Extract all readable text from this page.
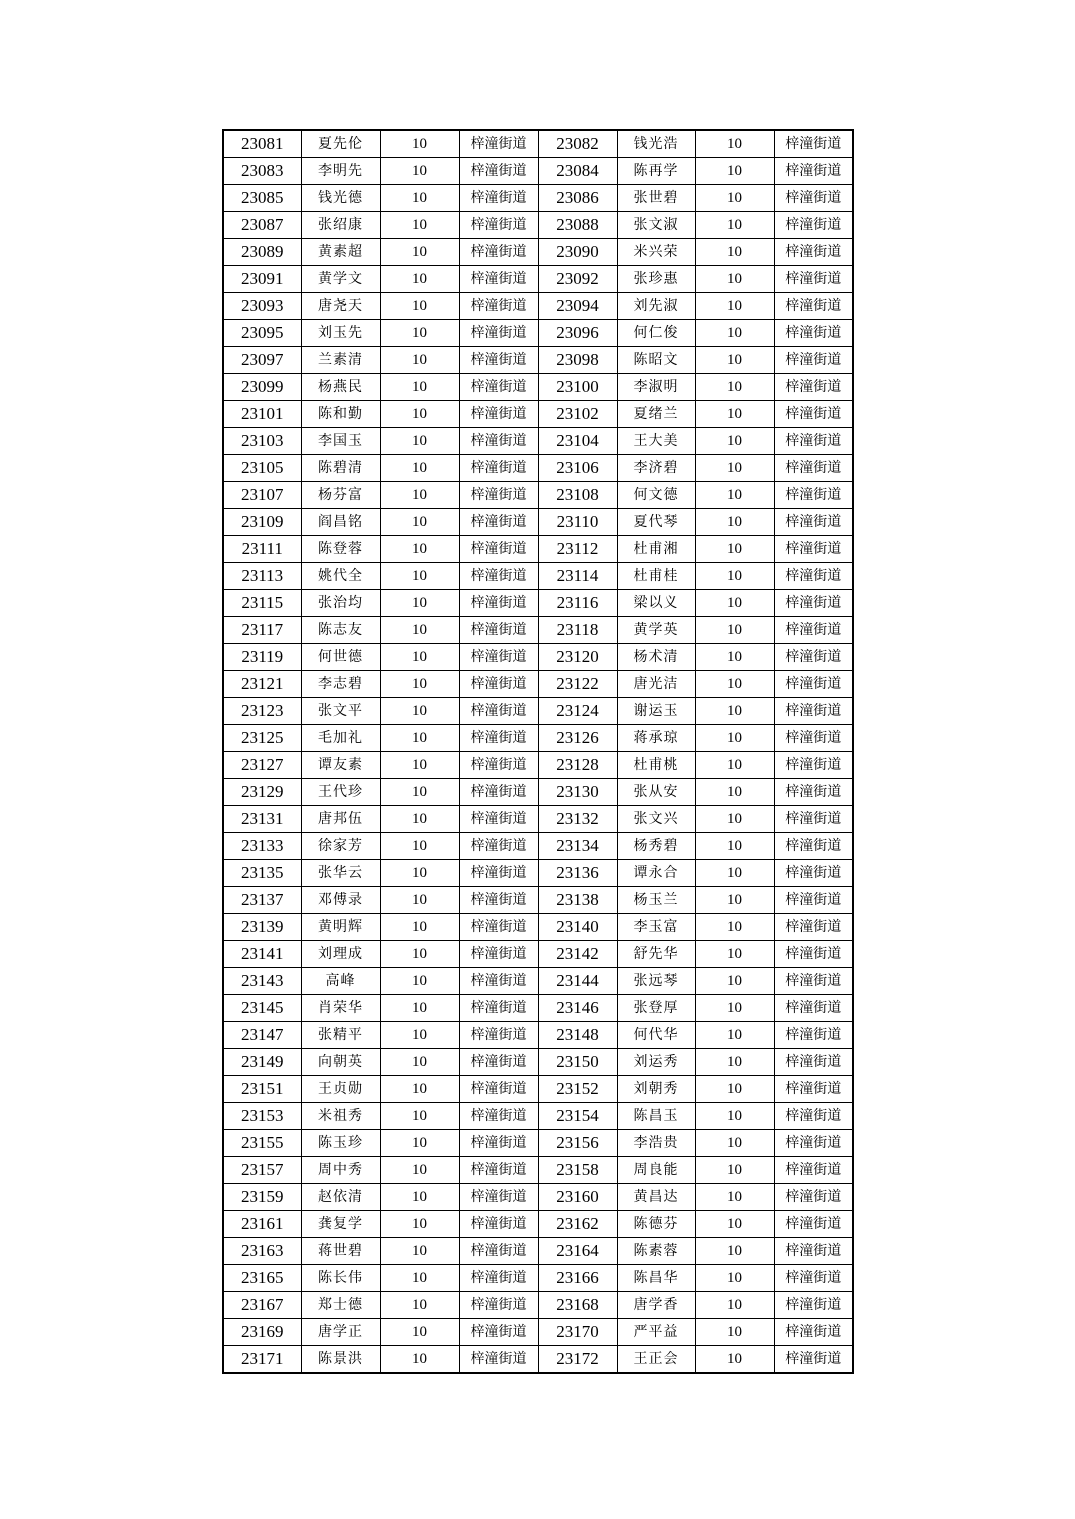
23081	夏先伦	10	梓潼街道	23082	钱光浩	10	梓潼街道
23083	李明先	10	梓潼街道	23084	陈再学	10	梓潼街道
23085	钱光德	10	梓潼街道	23086	张世碧	10	梓潼街道
23087	张绍康	10	梓潼街道	23088	张文淑	10	梓潼街道
23089	黄素超	10	梓潼街道	23090	米兴荣	10	梓潼街道
23091	黄学文	10	梓潼街道	23092	张珍惠	10	梓潼街道
23093	唐尧天	10	梓潼街道	23094	刘先淑	10	梓潼街道
23095	刘玉先	10	梓潼街道	23096	何仁俊	10	梓潼街道
23097	兰素清	10	梓潼街道	23098	陈昭文	10	梓潼街道
23099	杨燕民	10	梓潼街道	23100	李淑明	10	梓潼街道
23101	陈和勤	10	梓潼街道	23102	夏绪兰	10	梓潼街道
23103	李国玉	10	梓潼街道	23104	王大美	10	梓潼街道
23105	陈碧清	10	梓潼街道	23106	李济碧	10	梓潼街道
23107	杨芬富	10	梓潼街道	23108	何文德	10	梓潼街道
23109	阎昌铭	10	梓潼街道	23110	夏代琴	10	梓潼街道
23111	陈登蓉	10	梓潼街道	23112	杜甫湘	10	梓潼街道
23113	姚代全	10	梓潼街道	23114	杜甫桂	10	梓潼街道
23115	张治均	10	梓潼街道	23116	梁以义	10	梓潼街道
23117	陈志友	10	梓潼街道	23118	黄学英	10	梓潼街道
23119	何世德	10	梓潼街道	23120	杨术清	10	梓潼街道
23121	李志碧	10	梓潼街道	23122	唐光洁	10	梓潼街道
23123	张文平	10	梓潼街道	23124	谢运玉	10	梓潼街道
23125	毛加礼	10	梓潼街道	23126	蒋承琼	10	梓潼街道
23127	谭友素	10	梓潼街道	23128	杜甫桃	10	梓潼街道
23129	王代珍	10	梓潼街道	23130	张从安	10	梓潼街道
23131	唐邦伍	10	梓潼街道	23132	张文兴	10	梓潼街道
23133	徐家芳	10	梓潼街道	23134	杨秀碧	10	梓潼街道
23135	张华云	10	梓潼街道	23136	谭永合	10	梓潼街道
23137	邓傅录	10	梓潼街道	23138	杨玉兰	10	梓潼街道
23139	黄明辉	10	梓潼街道	23140	李玉富	10	梓潼街道
23141	刘理成	10	梓潼街道	23142	舒先华	10	梓潼街道
23143	高峰	10	梓潼街道	23144	张远琴	10	梓潼街道
23145	肖荣华	10	梓潼街道	23146	张登厚	10	梓潼街道
23147	张精平	10	梓潼街道	23148	何代华	10	梓潼街道
23149	向朝英	10	梓潼街道	23150	刘运秀	10	梓潼街道
23151	王贞勋	10	梓潼街道	23152	刘朝秀	10	梓潼街道
23153	米祖秀	10	梓潼街道	23154	陈昌玉	10	梓潼街道
23155	陈玉珍	10	梓潼街道	23156	李浩贵	10	梓潼街道
23157	周中秀	10	梓潼街道	23158	周良能	10	梓潼街道
23159	赵依清	10	梓潼街道	23160	黄昌达	10	梓潼街道
23161	龚复学	10	梓潼街道	23162	陈德芬	10	梓潼街道
23163	蒋世碧	10	梓潼街道	23164	陈素蓉	10	梓潼街道
23165	陈长伟	10	梓潼街道	23166	陈昌华	10	梓潼街道
23167	郑士德	10	梓潼街道	23168	唐学香	10	梓潼街道
23169	唐学正	10	梓潼街道	23170	严平益	10	梓潼街道
23171	陈景洪	10	梓潼街道	23172	王正会	10	梓潼街道
